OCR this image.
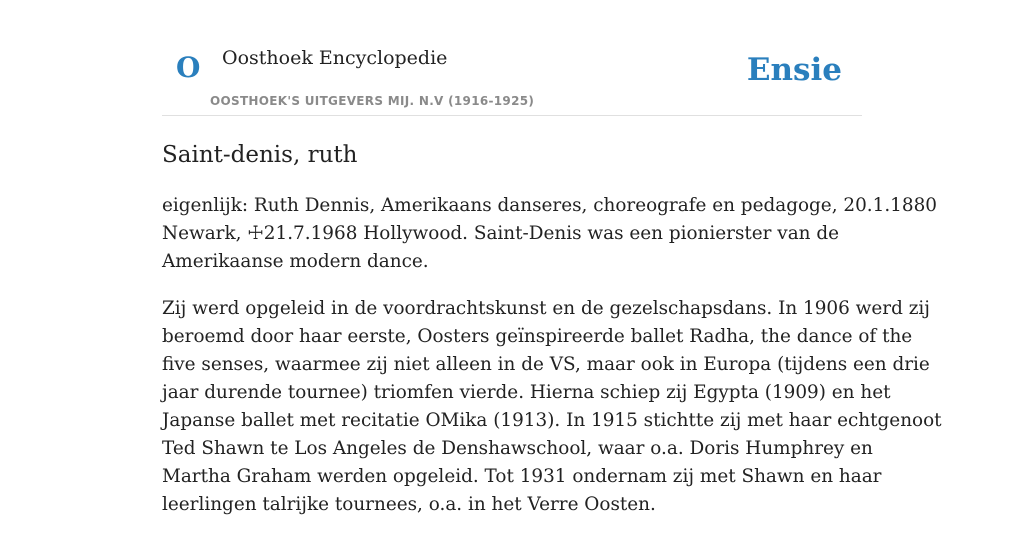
O Oosthoek Encyclopedie
OOSTHOEK'S UITGEVERS MIJ. N.V (1916-1925)
Ensie
Saint-denis, ruth

eigenlijk: Ruth Dennis, Amerikaans danseres, choreografe en pedagoge, 20.1.1880
Newark, ☩21.7.1968 Hollywood. Saint-Denis was een pionierster van de
Amerikaanse modern dance.

Zij werd opgeleid in de voordrachtskunst en de gezelschapsdans. In 1906 werd zij
beroemd door haar eerste, Oosters geïnspireerde ballet Radha, the dance of the
five senses, waarmee zij niet alleen in de VS, maar ook in Europa (tijdens een drie
jaar durende tournee) triomfen vierde. Hierna schiep zij Egypta (1909) en het
Japanse ballet met recitatie OMika (1913). In 1915 stichtte zij met haar echtgenoot
Ted Shawn te Los Angeles de Denshawschool, waar o.a. Doris Humphrey en
Martha Graham werden opgeleid. Tot 1931 ondernam zij met Shawn en haar
leerlingen talrijke tournees, o.a. in het Verre Oosten.
